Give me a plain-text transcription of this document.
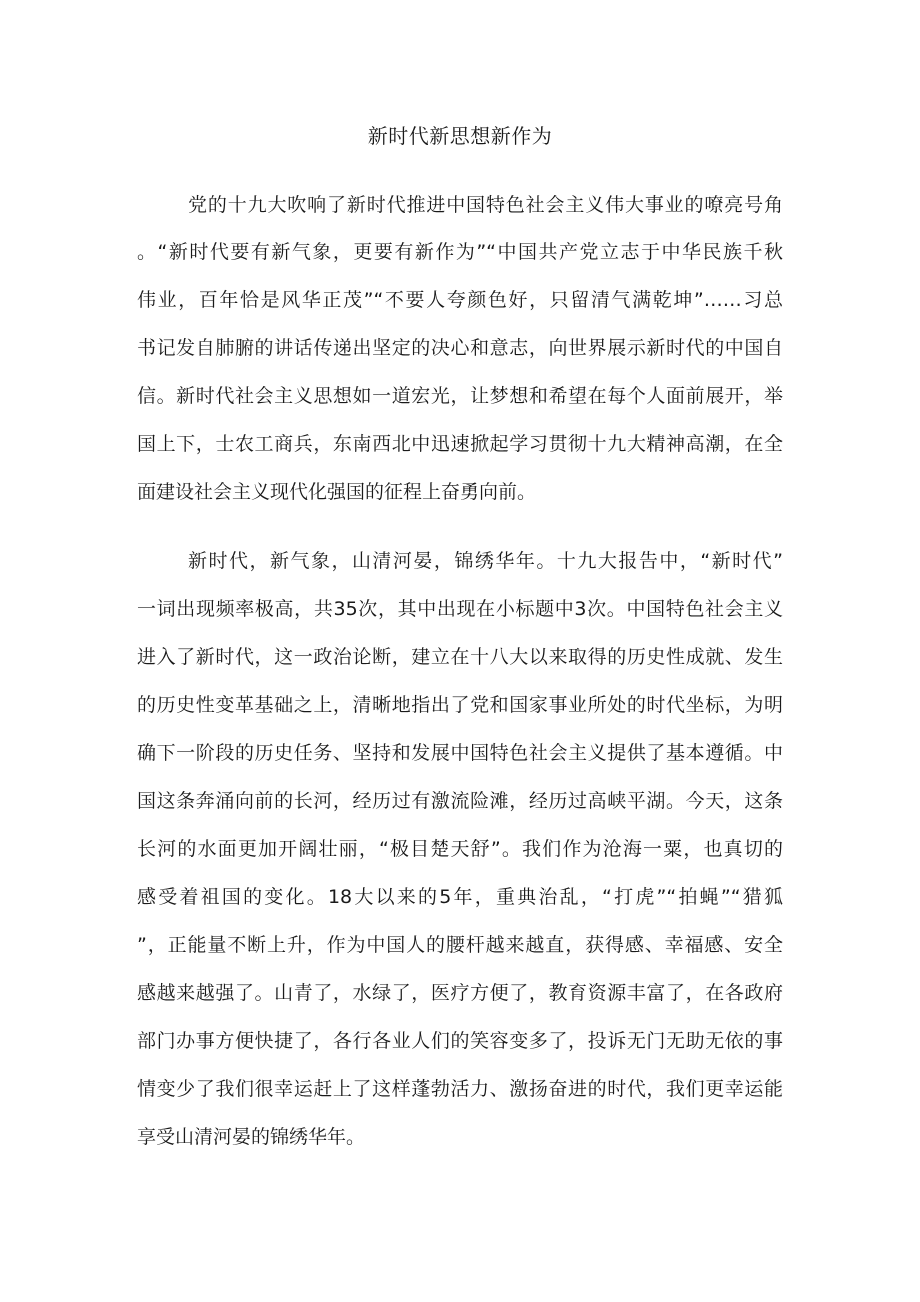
新时代新思想新作为
党的十九大吹响了新时代推进中国特色社会主义伟大事业的嘹亮号角
。“新时代要有新气象，更要有新作为”“中国共产党立志于中华民族千秋
伟业，百年恰是风华正茂”“不要人夸颜色好，只留清气满乾坤”……习总
书记发自肺腑的讲话传递出坚定的决心和意志，向世界展示新时代的中国自
信。新时代社会主义思想如一道宏光，让梦想和希望在每个人面前展开，举
国上下，士农工商兵，东南西北中迅速掀起学习贯彻十九大精神高潮，在全
面建设社会主义现代化强国的征程上奋勇向前。
新时代，新气象，山清河晏，锦绣华年。十九大报告中，“新时代”
一词出现频率极高，共35次，其中出现在小标题中3次。中国特色社会主义
进入了新时代，这一政治论断，建立在十八大以来取得的历史性成就、发生
的历史性变革基础之上，清晰地指出了党和国家事业所处的时代坐标，为明
确下一阶段的历史任务、坚持和发展中国特色社会主义提供了基本遵循。中
国这条奔涌向前的长河，经历过有激流险滩，经历过高峡平湖。今天，这条
长河的水面更加开阔壮丽，“极目楚天舒”。我们作为沧海一粟，也真切的
感受着祖国的变化。18大以来的5年，重典治乱，“打虎”“拍蝇”“猎狐
”，正能量不断上升，作为中国人的腰杆越来越直，获得感、幸福感、安全
感越来越强了。山青了，水绿了，医疗方便了，教育资源丰富了，在各政府
部门办事方便快捷了，各行各业人们的笑容变多了，投诉无门无助无依的事
情变少了我们很幸运赶上了这样蓬勃活力、激扬奋进的时代，我们更幸运能
享受山清河晏的锦绣华年。
